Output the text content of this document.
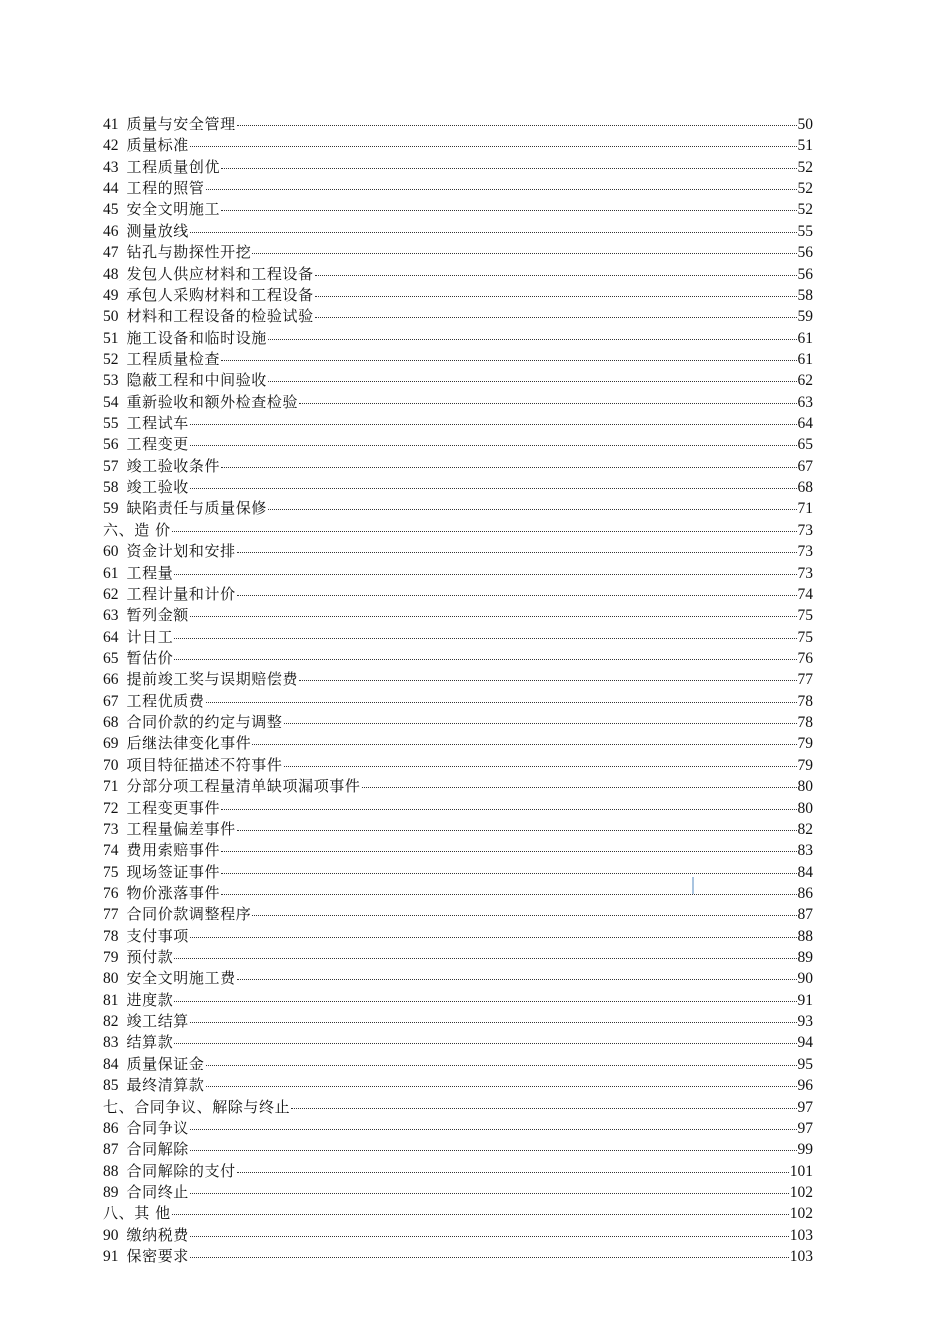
41 质量与安全管理	50
42 质量标准	51
43 工程质量创优	52
44 工程的照管	52
45 安全文明施工	52
46 测量放线	55
47 钻孔与勘探性开挖	56
48 发包人供应材料和工程设备	56
49 承包人采购材料和工程设备	58
50 材料和工程设备的检验试验	59
51 施工设备和临时设施	61
52 工程质量检查	61
53 隐蔽工程和中间验收	62
54 重新验收和额外检查检验	63
55 工程试车	64
56 工程变更	65
57 竣工验收条件	67
58 竣工验收	68
59 缺陷责任与质量保修	71
六、造 价	73
60 资金计划和安排	73
61 工程量	73
62 工程计量和计价	74
63 暂列金额	75
64 计日工	75
65 暂估价	76
66 提前竣工奖与误期赔偿费	77
67 工程优质费	78
68 合同价款的约定与调整	78
69 后继法律变化事件	79
70 项目特征描述不符事件	79
71 分部分项工程量清单缺项漏项事件	80
72 工程变更事件	80
73 工程量偏差事件	82
74 费用索赔事件	83
75 现场签证事件	84
76 物价涨落事件	86
77 合同价款调整程序	87
78 支付事项	88
79 预付款	89
80 安全文明施工费	90
81 进度款	91
82 竣工结算	93
83 结算款	94
84 质量保证金	95
85 最终清算款	96
七、合同争议、解除与终止	97
86 合同争议	97
87 合同解除	99
88 合同解除的支付	101
89 合同终止	102
八、其 他	102
90 缴纳税费	103
91 保密要求	103
